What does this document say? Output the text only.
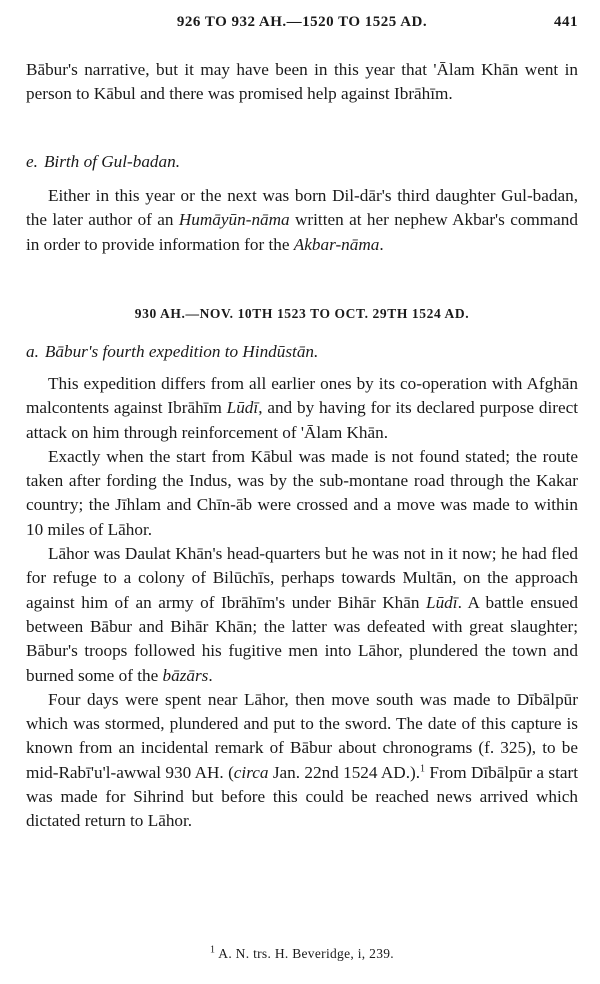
926 TO 932 AH.—1520 TO 1525 AD.	441

Bābur's narrative, but it may have been in this year that 'Ālam Khān went in person to Kābul and there was promised help against Ibrāhīm.

e. Birth of Gul-badan.

Either in this year or the next was born Dil-dār's third daughter Gul-badan, the later author of an Humāyūn-nāma written at her nephew Akbar's command in order to provide information for the Akbar-nāma.

930 AH.—NOV. 10TH 1523 TO OCT. 29TH 1524 AD.

a. Bābur's fourth expedition to Hindūstān.

This expedition differs from all earlier ones by its co-operation with Afghān malcontents against Ibrāhīm Lūdī, and by having for its declared purpose direct attack on him through reinforcement of 'Ālam Khān.

Exactly when the start from Kābul was made is not found stated; the route taken after fording the Indus, was by the sub-montane road through the Kakar country; the Jīhlam and Chīn-āb were crossed and a move was made to within 10 miles of Lāhor.

Lāhor was Daulat Khān's head-quarters but he was not in it now; he had fled for refuge to a colony of Bilūchīs, perhaps towards Multān, on the approach against him of an army of Ibrāhīm's under Bihār Khān Lūdī. A battle ensued between Bābur and Bihār Khān; the latter was defeated with great slaughter; Bābur's troops followed his fugitive men into Lāhor, plundered the town and burned some of the bāzārs.

Four days were spent near Lāhor, then move south was made to Dībālpūr which was stormed, plundered and put to the sword. The date of this capture is known from an incidental remark of Bābur about chronograms (f. 325), to be mid-Rabī'u'l-awwal 930 AH. (circa Jan. 22nd 1524 AD.).$^1$ From Dībālpūr a start was made for Sihrind but before this could be reached news arrived which dictated return to Lāhor.

$^1$ A. N. trs. H. Beveridge, i, 239.
